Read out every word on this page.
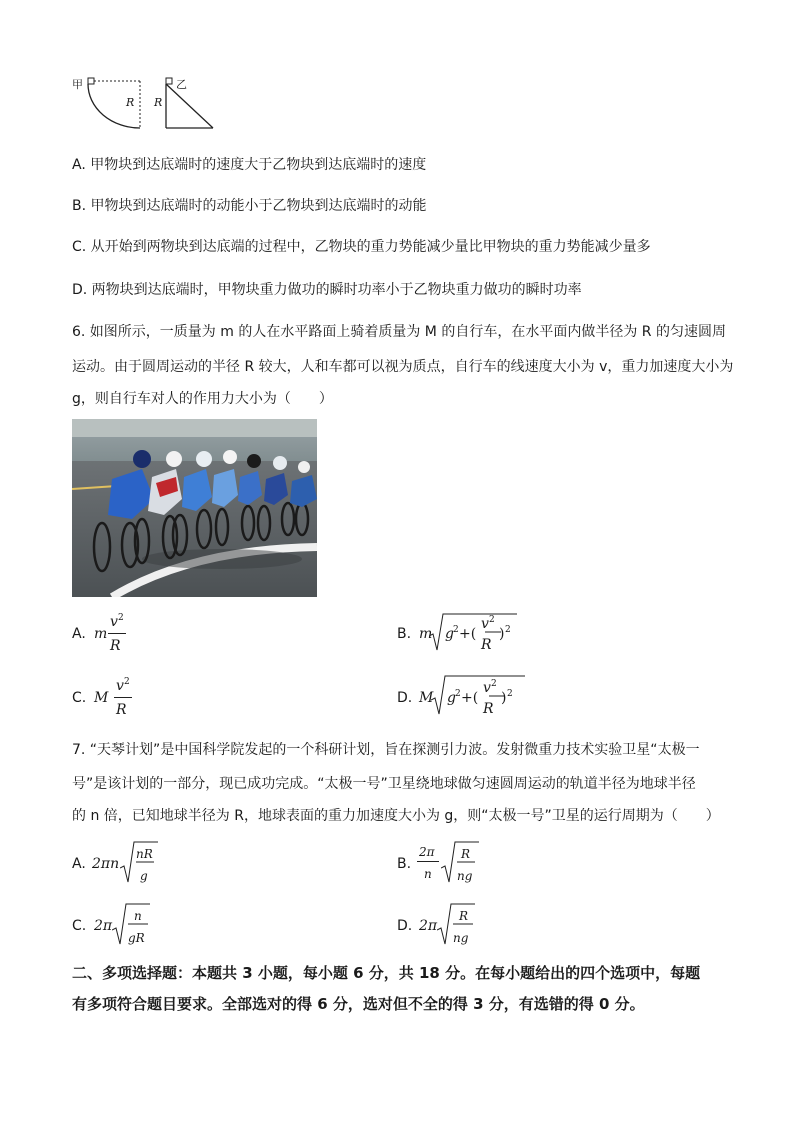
甲
R R
乙
A. 甲物块到达底端时的速度大于乙物块到达底端时的速度
B. 甲物块到达底端时的动能小于乙物块到达底端时的动能
C. 从开始到两物块到达底端的过程中，乙物块的重力势能减少量比甲物块的重力势能减少量多
D. 两物块到达底端时，甲物块重力做功的瞬时功率小于乙物块重力做功的瞬时功率
6. 如图所示，一质量为 m 的人在水平路面上骑着质量为 M 的自行车，在水平面内做半径为 R 的匀速圆周
运动。由于圆周运动的半径 R 较大，人和车都可以视为质点，自行车的线速度大小为 v，重力加速度大小为
g，则自行车对人的作用力大小为（　　）
A. m
v 2
R
B. m g 2 +(
v 2
R
) 2
C. M
v 2
R
D. M g 2 +(
v 2
R
) 2
7. “天琴计划”是中国科学院发起的一个科研计划，旨在探测引力波。发射微重力技术实验卫星“太极一
号”是该计划的一部分，现已成功完成。“太极一号”卫星绕地球做匀速圆周运动的轨道半径为地球半径
的 n 倍，已知地球半径为 R，地球表面的重力加速度大小为 g，则“太极一号”卫星的运行周期为（　　）
A. 2πn
nR
g
B.
2π
n
R
ng
C. 2π
n
gR
D. 2π
R
ng
二、多项选择题：本题共 3 小题，每小题 6 分，共 18 分。在每小题给出的四个选项中，每题
有多项符合题目要求。全部选对的得 6 分，选对但不全的得 3 分，有选错的得 0 分。
